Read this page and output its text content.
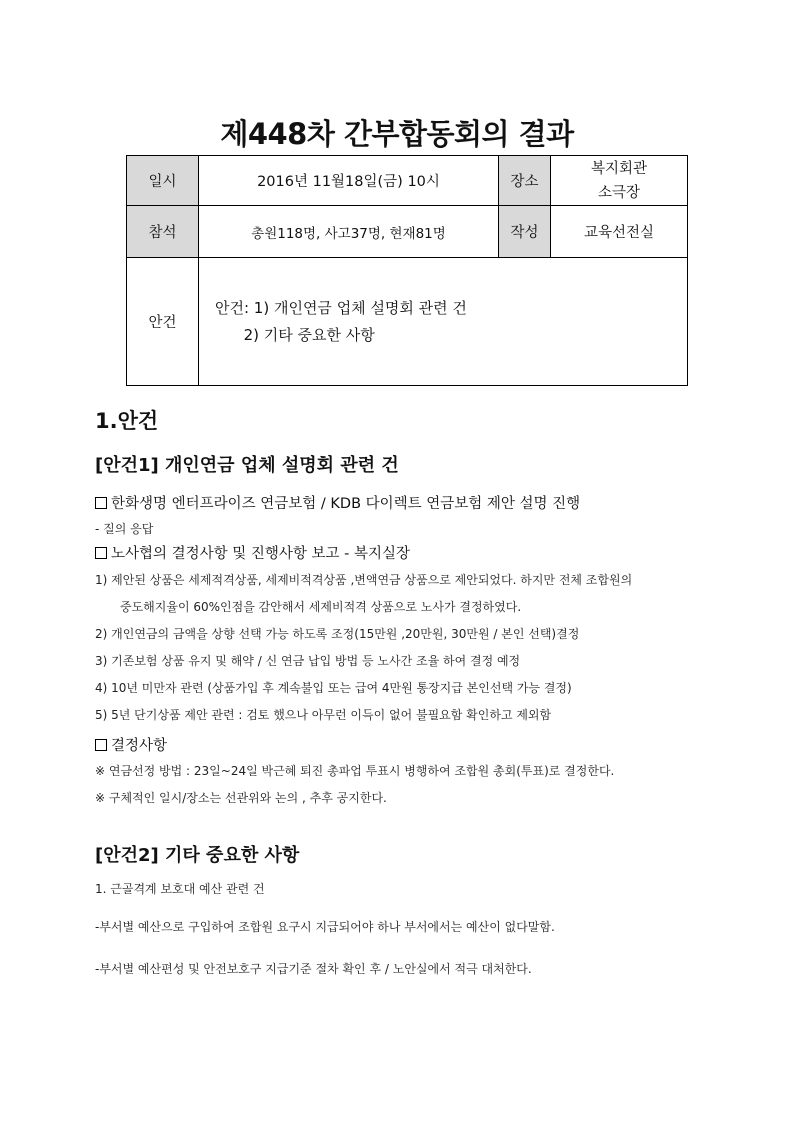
제448차 간부합동회의 결과
일시	2016년 11월18일(금) 10시	장소	복지회관
소극장

참석	총원118명, 사고37명, 현재81명	작성	교육선전실
안건	안건: 1) 개인연금 업체 설명회 관련 건
2) 기타 중요한 사항		
1.안건
[안건1] 개인연금 업체 설명회 관련 건
한화생명 엔터프라이즈 연금보험 / KDB 다이렉트 연금보험 제안 설명 진행
- 질의 응답
노사협의 결정사항 및 진행사항 보고 - 복지실장
1) 제안된 상품은 세제적격상품, 세제비적격상품 ,변액연금 상품으로 제안되었다. 하지만 전체 조합원의
중도해지율이 60%인점을 감안해서 세제비적격 상품으로 노사가 결정하였다.
2) 개인연금의 금액을 상향 선택 가능 하도록 조정(15만원 ,20만원, 30만원 / 본인 선택)결정
3) 기존보험 상품 유지 및 해약 / 신 연금 납입 방법 등 노사간 조율 하여 결정 예정
4) 10년 미만자 관련 (상품가입 후 계속불입 또는 급여 4만원 통장지급 본인선택 가능 결정)
5) 5년 단기상품 제안 관련 : 검토 했으나 아무런 이득이 없어 불필요함 확인하고 제외함
결정사항
※ 연금선정 방법 : 23일~24일 박근혜 퇴진 총파업 투표시 병행하여 조합원 총회(투표)로 결정한다.
※ 구체적인 일시/장소는 선관위와 논의 , 추후 공지한다.
[안건2] 기타 중요한 사항
1. 근골격계 보호대 예산 관련 건
-부서별 예산으로 구입하여 조합원 요구시 지급되어야 하나 부서에서는 예산이 없다말함.
-부서별 예산편성 및 안전보호구 지급기준 절차 확인 후 / 노안실에서 적극 대처한다.
